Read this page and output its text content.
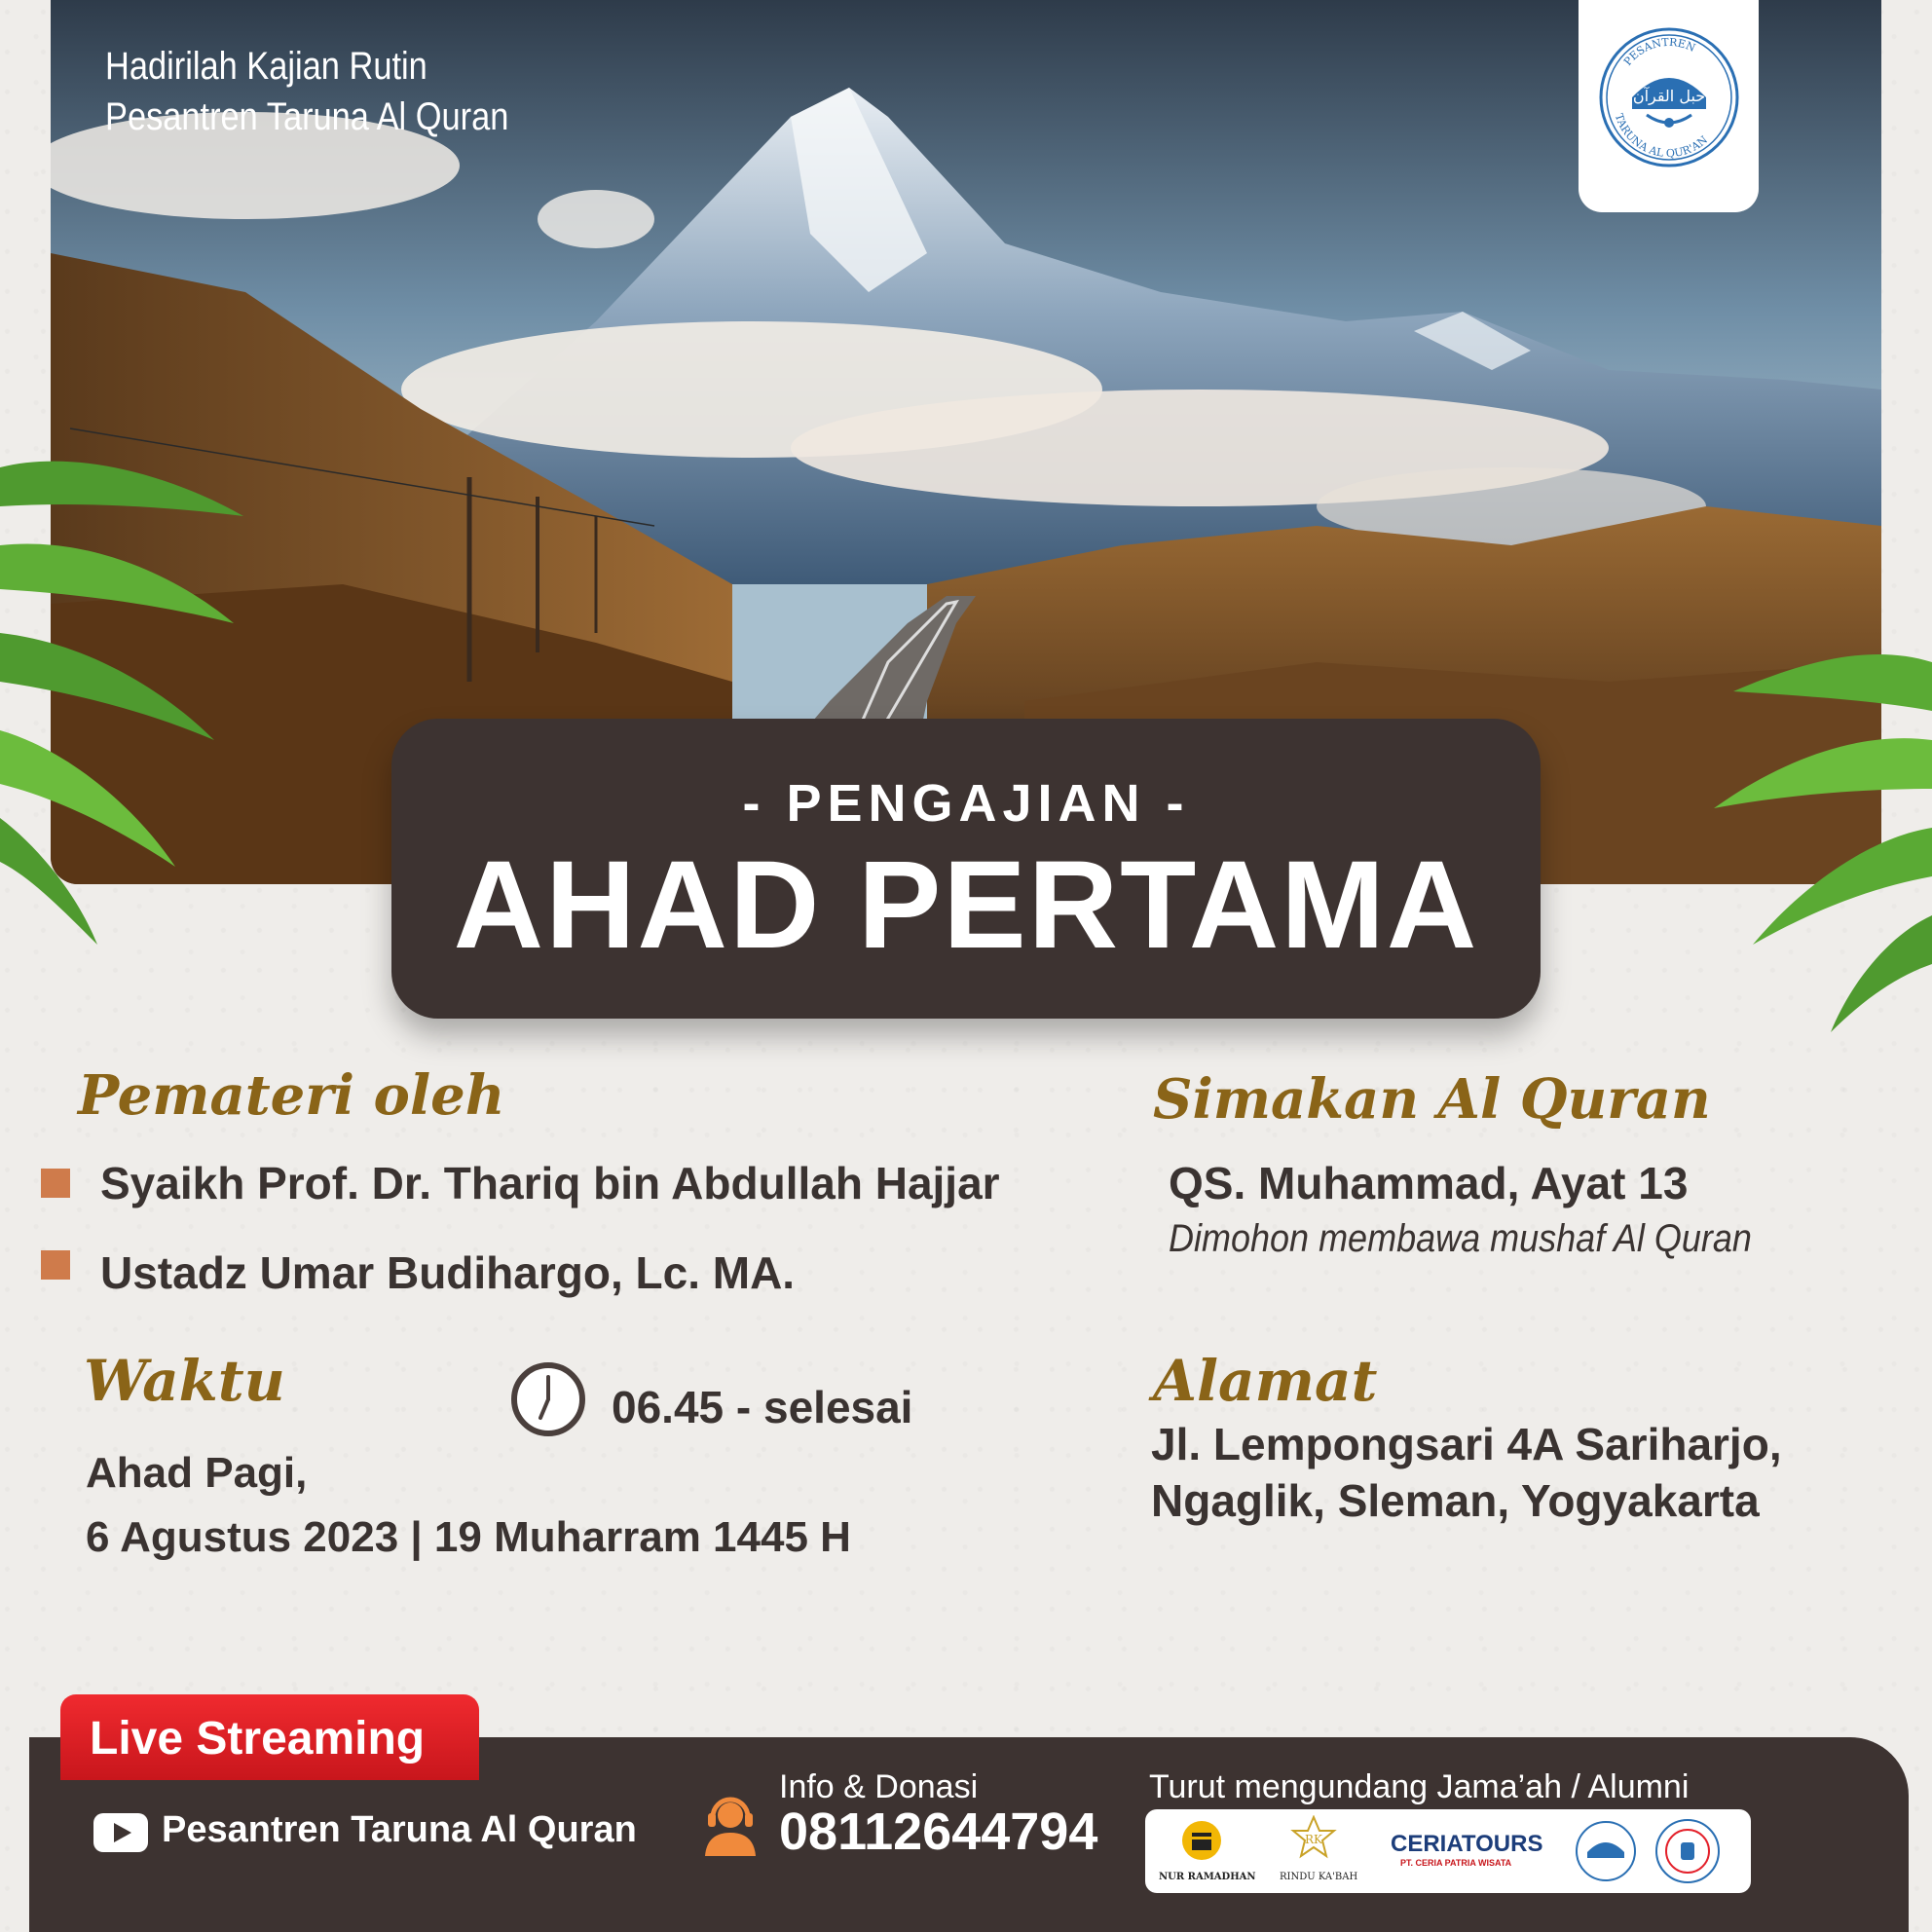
Hadirilah Kajian Rutin
Pesantren Taruna Al Quran
PESANTREN
TARUNA AL QUR'AN
حبل القرآن
- PENGAJIAN -
AHAD PERTAMA
Pemateri oleh
Syaikh Prof. Dr. Thariq bin Abdullah Hajjar
Ustadz Umar Budihargo, Lc. MA.
Simakan Al Quran
QS. Muhammad, Ayat 13
Dimohon membawa mushaf Al Quran
Waktu	06.45 - selesai
Ahad Pagi,
6 Agustus 2023 | 19 Muharram 1445 H
Alamat
Jl. Lempongsari 4A Sariharjo,
Ngaglik, Sleman, Yogyakarta
Live Streaming
Pesantren Taruna Al Quran
Info & Donasi
08112644794
Turut mengundang Jama’ah / Alumni
NUR RAMADHAN
RK
RINDU KA'BAH
CERIATOURS
PT. CERIA PATRIA WISATA
